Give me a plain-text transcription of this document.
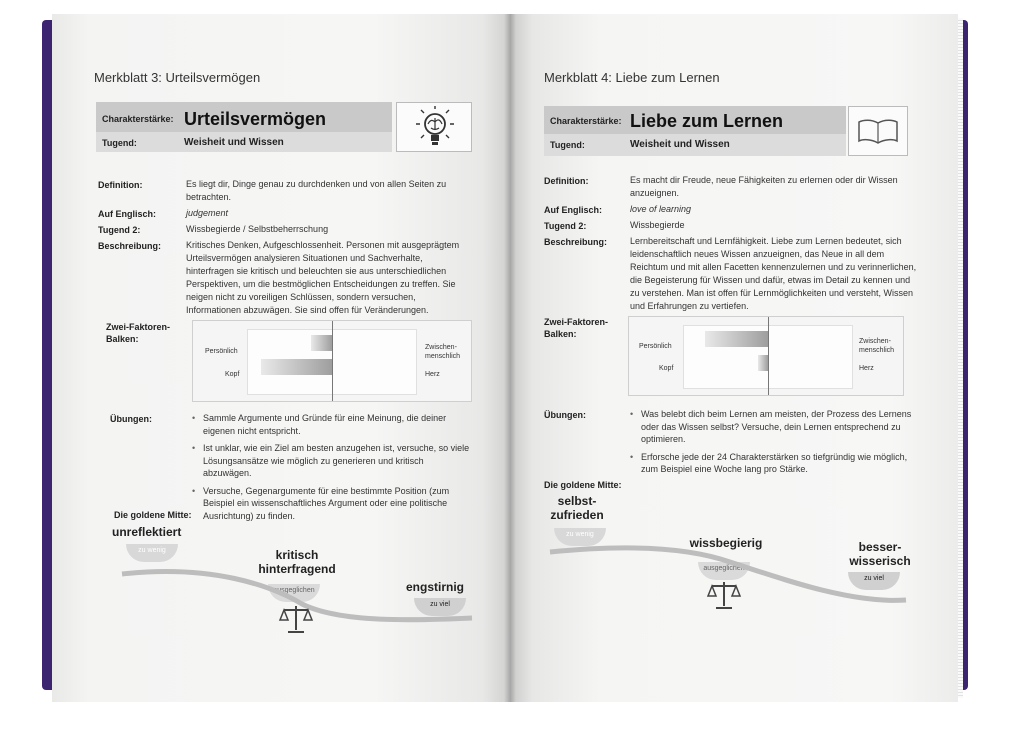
Merkblatt 3: Urteilsvermögen
Charakterstärke: Urteilsvermögen
Tugend:	Weisheit und Wissen
Definition:	Es liegt dir, Dinge genau zu durchdenken und von allen Seiten zu betrachten.
Auf Englisch:	judgement
Tugend 2:	Wissbegierde / Selbstbeherrschung
Beschreibung:	Kritisches Denken, Aufgeschlossenheit. Personen mit ausgeprägtem Urteilsvermögen analysieren Situationen und Sachverhalte, hinterfragen sie kritisch und beleuchten sie aus unterschiedlichen Perspektiven, um die bestmöglichen Entscheidungen zu treffen. Sie neigen nicht zu voreiligen Schlüssen, sondern versuchen, Informationen abzuwägen. Sie sind offen für Veränderungen.
Zwei-Faktoren-Balken:
Persönlich
Kopf
Zwischen-menschlich
Herz
Übungen:	• Sammle Argumente und Gründe für eine Meinung, die deiner eigenen nicht entspricht.
• Ist unklar, wie ein Ziel am besten anzugehen ist, versuche, so viele Lösungsansätze wie möglich zu generieren und kritisch abzuwägen.
• Versuche, Gegenargumente für eine bestimmte Position (zum Beispiel ein wissenschaftliches Argument oder eine politische Ausrichtung) zu finden.
Die goldene Mitte:
unreflektiert
zu wenig	kritisch hinterfragend
ausgeglichen	engstirnig
zu viel
Merkblatt 4: Liebe zum Lernen
Charakterstärke: Liebe zum Lernen
Tugend:	Weisheit und Wissen
Definition:	Es macht dir Freude, neue Fähigkeiten zu erlernen oder dir Wissen anzueignen.
Auf Englisch:	love of learning
Tugend 2:	Wissbegierde
Beschreibung:	Lernbereitschaft und Lernfähigkeit. Liebe zum Lernen bedeutet, sich leidenschaftlich neues Wissen anzueignen, das Neue in all dem Reichtum und mit allen Facetten kennenzulernen und zu verinnerlichen, die Begeisterung für Wissen und dafür, etwas im Detail zu kennen und zu verstehen. Man ist offen für Lernmöglichkeiten und versteht, Wissen und Erfahrungen zu vertiefen.
Zwei-Faktoren-Balken:
Persönlich
Kopf
Zwischen-menschlich
Herz
Übungen:	• Was belebt dich beim Lernen am meisten, der Prozess des Lernens oder das Wissen selbst? Versuche, dein Lernen entsprechend zu optimieren.
• Erforsche jede der 24 Charakterstärken so tiefgründig wie möglich, zum Beispiel eine Woche lang pro Stärke.
Die goldene Mitte:
selbst-zufrieden
zu wenig
wissbegierig
ausgeglichen
besser-wisserisch
zu viel
